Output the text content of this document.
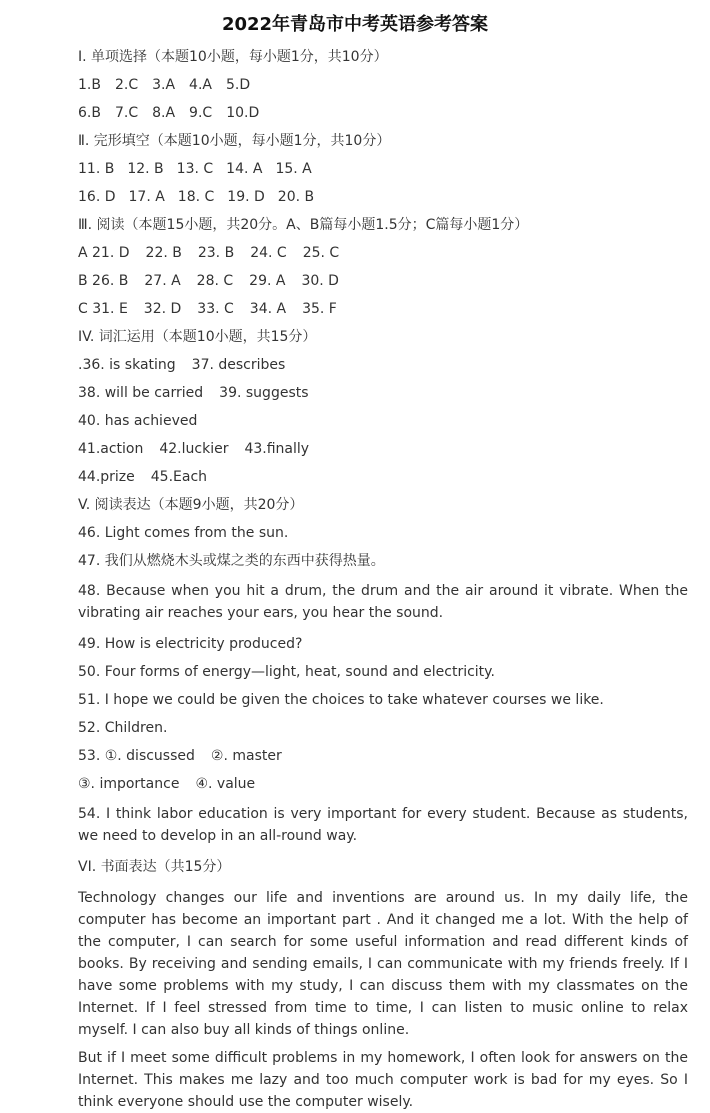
2022年青岛市中考英语参考答案
I. 单项选择（本题10小题，每小题1分，共10分）
1.B 2.C 3.A 4.A 5.D
6.B 7.C 8.A 9.C 10.D
Ⅱ. 完形填空（本题10小题，每小题1分，共10分）
11. B 12. B 13. C 14. A 15. A
16. D 17. A 18. C 19. D 20. B
Ⅲ. 阅读（本题15小题，共20分。A、B篇每小题1.5分；C篇每小题1分）
A 21. D 22. B 23. B 24. C 25. C
B 26. B 27. A 28. C 29. A 30. D
C 31. E 32. D 33. C 34. A 35. F
IV. 词汇运用（本题10小题，共15分）
.36. is skating 37. describes
38. will be carried 39. suggests
40. has achieved
41.action 42.luckier 43.finally
44.prize 45.Each
V. 阅读表达（本题9小题，共20分）
46. Light comes from the sun.
47. 我们从燃烧木头或煤之类的东西中获得热量。

48. Because when you hit a drum, the drum and the air around it vibrate. When the vibrating air reaches your ears, you hear the sound.

49. How is electricity produced?
50. Four forms of energy—light, heat, sound and electricity.
51. I hope we could be given the choices to take whatever courses we like.
52. Children.
53. ①. discussed ②. master
③. importance ④. value

54. I think labor education is very important for every student. Because as students, we need to develop in an all-round way.

VI. 书面表达（共15分）

Technology changes our life and inventions are around us. In my daily life, the computer has become an important part . And it changed me a lot. With the help of the computer, I can search for some useful information and read different kinds of books. By receiving and sending emails, I can communicate with my friends freely. If I have some problems with my study, I can discuss them with my classmates on the Internet. If I feel stressed from time to time, I can listen to music online to relax myself. I can also buy all kinds of things online.

But if I meet some difficult problems in my homework, I often look for answers on the Internet. This makes me lazy and too much computer work is bad for my eyes. So I think everyone should use the computer wisely.
